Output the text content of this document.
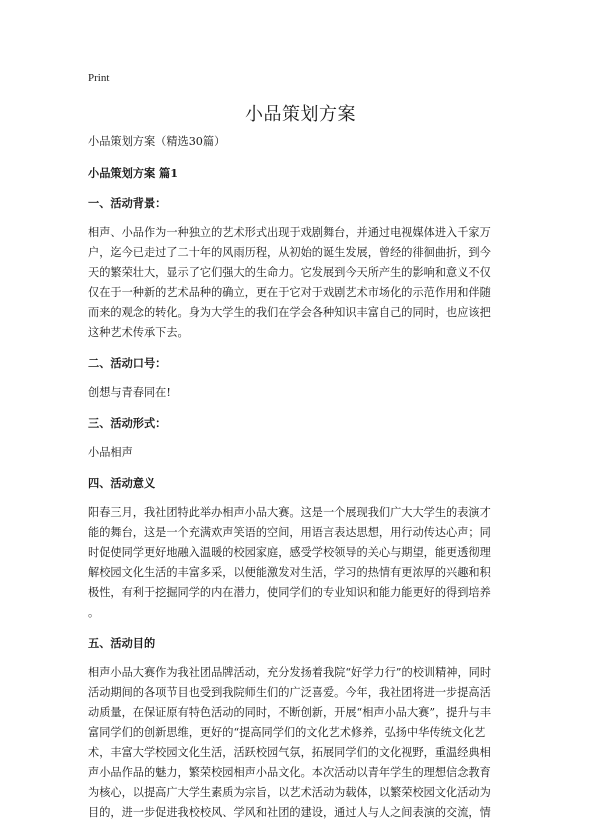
Print
小品策划方案

小品策划方案（精选30篇）

小品策划方案 篇1

一、活动背景：

相声、小品作为一种独立的艺术形式出现于戏剧舞台，并通过电视媒体进入千家万
户，迄今已走过了二十年的风雨历程，从初始的诞生发展，曾经的徘徊曲折，到今
天的繁荣壮大，显示了它们强大的生命力。它发展到今天所产生的影响和意义不仅
仅在于一种新的艺术品种的确立，更在于它对于戏剧艺术市场化的示范作用和伴随
而来的观念的转化。身为大学生的我们在学会各种知识丰富自己的同时，也应该把
这种艺术传承下去。

二、活动口号：

创想与青春同在!

三、活动形式：

小品相声

四、活动意义

阳春三月，我社团特此举办相声小品大赛。这是一个展现我们广大大学生的表演才
能的舞台，这是一个充满欢声笑语的空间，用语言表达思想，用行动传达心声；同
时促使同学更好地融入温暖的校园家庭，感受学校领导的关心与期望，能更透彻理
解校园文化生活的丰富多采，以便能激发对生活，学习的热情有更浓厚的兴趣和积
极性，有利于挖掘同学的内在潜力，使同学们的专业知识和能力能更好的得到培养
。

五、活动目的

相声小品大赛作为我社团品牌活动，充分发扬着我院“好学力行”的校训精神，同时
活动期间的各项节目也受到我院师生们的广泛喜爱。今年，我社团将进一步提高活
动质量，在保证原有特色活动的同时，不断创新，开展“相声小品大赛”，提升与丰
富同学们的创新思维，更好的“提高同学们的文化艺术修养，弘扬中华传统文化艺
术，丰富大学校园文化生活，活跃校园气氛，拓展同学们的文化视野，重温经典相
声小品作品的魅力，繁荣校园相声小品文化。本次活动以青年学生的理想信念教育
为核心，以提高广大学生素质为宗旨，以艺术活动为载体，以繁荣校园文化活动为
目的，进一步促进我校校风、学风和社团的建设，通过人与人之间表演的交流，情
